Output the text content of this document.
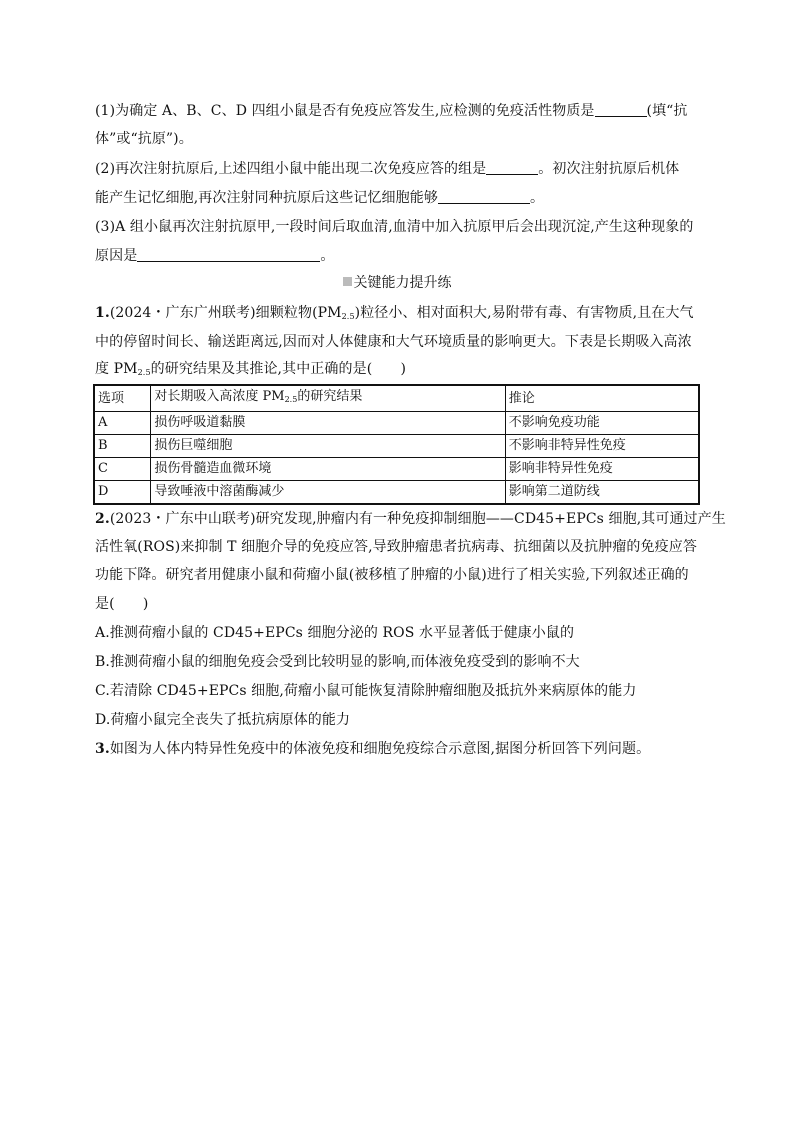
(1)为确定 A、B、C、D 四组小鼠是否有免疫应答发生,应检测的免疫活性物质是	(填“抗
体”或“抗原”)。
(2)再次注射抗原后,上述四组小鼠中能出现二次免疫应答的组是	。初次注射抗原后机体
能产生记忆细胞,再次注射同种抗原后这些记忆细胞能够	。
(3)A 组小鼠再次注射抗原甲,一段时间后取血清,血清中加入抗原甲后会出现沉淀,产生这种现象的
原因是	。
关键能力提升练
1.(2024・广东广州联考)细颗粒物$(PM_{2.5})$粒径小、相对面积大,易附带有毒、有害物质,且在大气
中的停留时间长、输送距离远,因而对人体健康和大气环境质量的影响更大。下表是长期吸入高浓
度 $PM_{2.5}$的研究结果及其推论,其中正确的是(　　)
选项	对长期吸入高浓度 $PM_{2.5}$的研究结果	推论
A	损伤呼吸道黏膜	不影响免疫功能
B	损伤巨噬细胞	不影响非特异性免疫
C	损伤骨髓造血微环境	影响非特异性免疫
D	导致唾液中溶菌酶减少	影响第二道防线
2.(2023・广东中山联考)研究发现,肿瘤内有一种免疫抑制细胞——CD45+EPCs 细胞,其可通过产生
活性氧(ROS)来抑制 T 细胞介导的免疫应答,导致肿瘤患者抗病毒、抗细菌以及抗肿瘤的免疫应答
功能下降。研究者用健康小鼠和荷瘤小鼠(被移植了肿瘤的小鼠)进行了相关实验,下列叙述正确的
是(　　)
A.推测荷瘤小鼠的 CD45+EPCs 细胞分泌的 ROS 水平显著低于健康小鼠的
B.推测荷瘤小鼠的细胞免疫会受到比较明显的影响,而体液免疫受到的影响不大
C.若清除 CD45+EPCs 细胞,荷瘤小鼠可能恢复清除肿瘤细胞及抵抗外来病原体的能力
D.荷瘤小鼠完全丧失了抵抗病原体的能力
3.如图为人体内特异性免疫中的体液免疫和细胞免疫综合示意图,据图分析回答下列问题。
